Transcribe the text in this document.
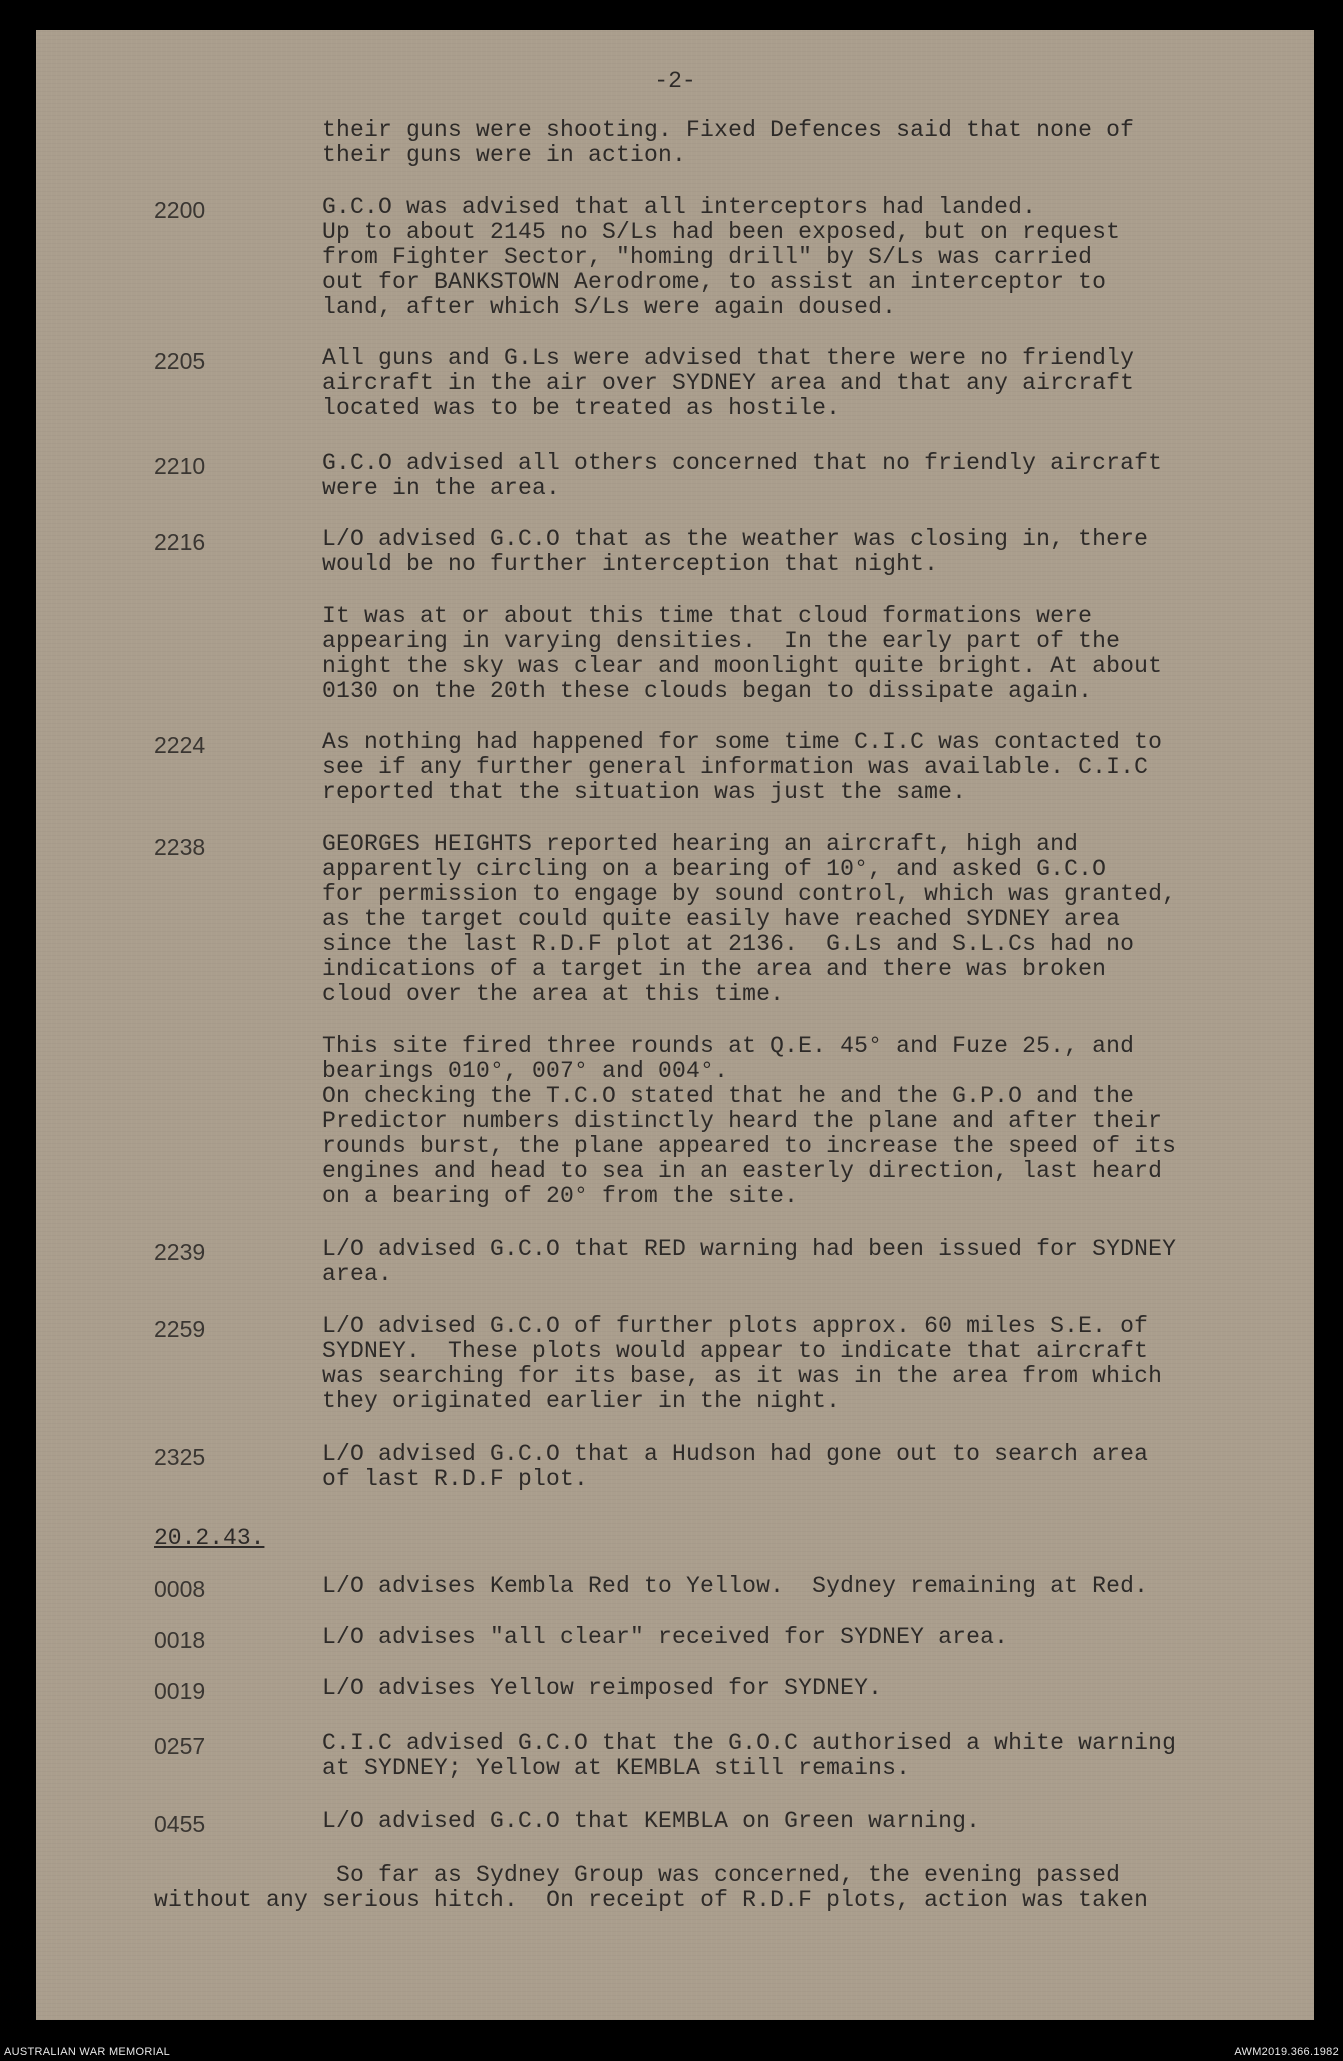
-2-
their guns were shooting. Fixed Defences said that none of
their guns were in action.
2200	G.C.O was advised that all interceptors had landed.
Up to about 2145 no S/Ls had been exposed, but on request
from Fighter Sector, "homing drill" by S/Ls was carried
out for BANKSTOWN Aerodrome, to assist an interceptor to
land, after which S/Ls were again doused.
2205	All guns and G.Ls were advised that there were no friendly
aircraft in the air over SYDNEY area and that any aircraft
located was to be treated as hostile.
2210	G.C.O advised all others concerned that no friendly aircraft
were in the area.
2216	L/O advised G.C.O that as the weather was closing in, there
would be no further interception that night.
It was at or about this time that cloud formations were
appearing in varying densities.  In the early part of the
night the sky was clear and moonlight quite bright. At about
0130 on the 20th these clouds began to dissipate again.
2224	As nothing had happened for some time C.I.C was contacted to
see if any further general information was available. C.I.C
reported that the situation was just the same.
2238	GEORGES HEIGHTS reported hearing an aircraft, high and
apparently circling on a bearing of 10°, and asked G.C.O
for permission to engage by sound control, which was granted,
as the target could quite easily have reached SYDNEY area
since the last R.D.F plot at 2136.  G.Ls and S.L.Cs had no
indications of a target in the area and there was broken
cloud over the area at this time.
This site fired three rounds at Q.E. 45° and Fuze 25., and
bearings 010°, 007° and 004°.
On checking the T.C.O stated that he and the G.P.O and the
Predictor numbers distinctly heard the plane and after their
rounds burst, the plane appeared to increase the speed of its
engines and head to sea in an easterly direction, last heard
on a bearing of 20° from the site.
2239	L/O advised G.C.O that RED warning had been issued for SYDNEY
area.
2259	L/O advised G.C.O of further plots approx. 60 miles S.E. of
SYDNEY.  These plots would appear to indicate that aircraft
was searching for its base, as it was in the area from which
they originated earlier in the night.
2325	L/O advised G.C.O that a Hudson had gone out to search area
of last R.D.F plot.
20.2.43.
0008	L/O advises Kembla Red to Yellow.  Sydney remaining at Red.
0018	L/O advises "all clear" received for SYDNEY area.
0019	L/O advises Yellow reimposed for SYDNEY.
0257	C.I.C advised G.C.O that the G.O.C authorised a white warning
at SYDNEY; Yellow at KEMBLA still remains.
0455	L/O advised G.C.O that KEMBLA on Green warning.
So far as Sydney Group was concerned, the evening passed
without any serious hitch.  On receipt of R.D.F plots, action was taken
AUSTRALIAN WAR MEMORIAL	AWM2019.366.1982
